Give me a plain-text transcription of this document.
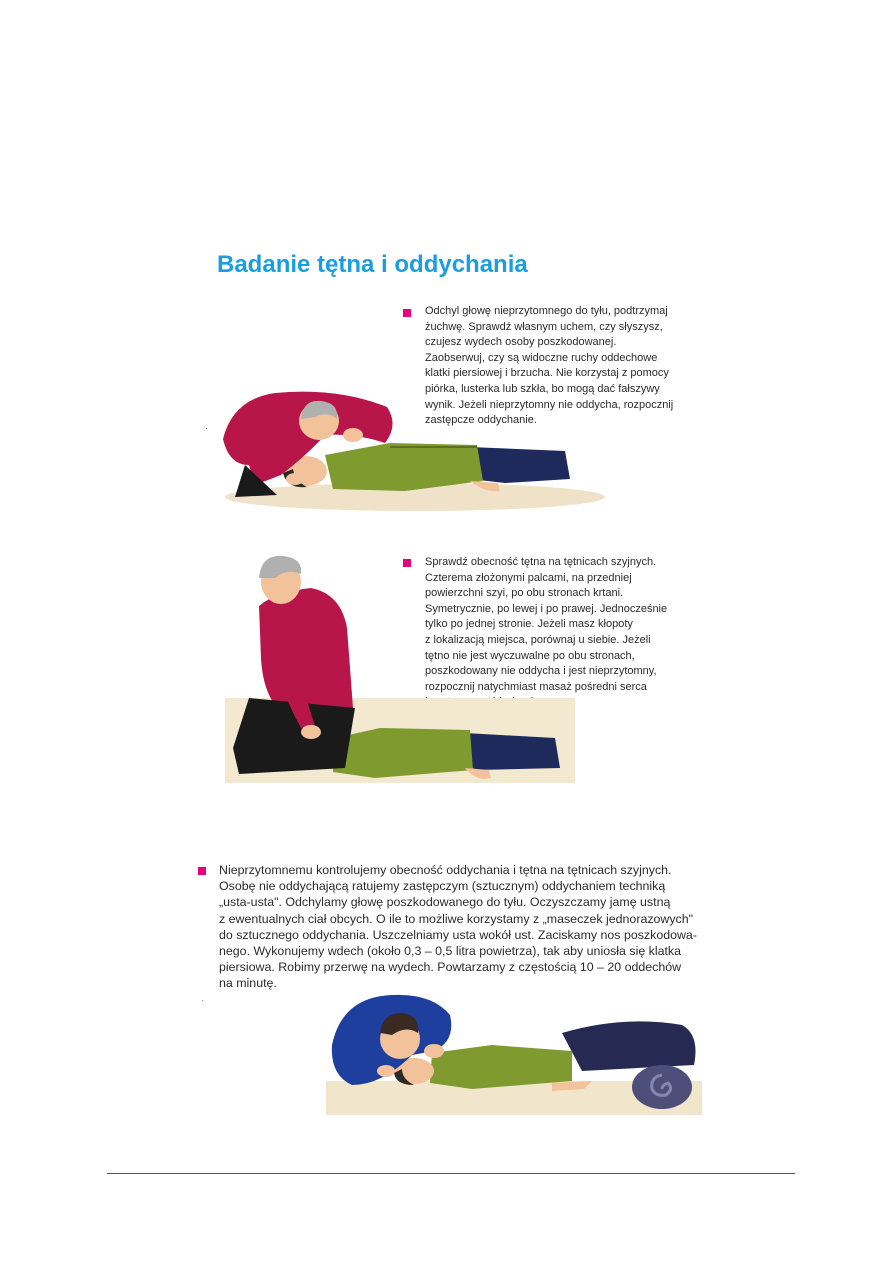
Badanie tętna i oddychania
Odchyl głowę nieprzytomnego do tyłu, podtrzymaj
żuchwę. Sprawdź własnym uchem, czy słyszysz,
czujesz wydech osoby poszkodowanej.
Zaobserwuj, czy są widoczne ruchy oddechowe
klatki piersiowej i brzucha. Nie korzystaj z pomocy
piórka, lusterka lub szkła, bo mogą dać fałszywy
wynik. Jeżeli nieprzytomny nie oddycha, rozpocznij
zastępcze oddychanie.
Sprawdź obecność tętna na tętnicach szyjnych.
Czterema złożonymi palcami, na przedniej
powierzchni szyi, po obu stronach krtani.
Symetrycznie, po lewej i po prawej. Jednocześnie
tylko po jednej stronie. Jeżeli masz kłopoty
z lokalizacją miejsca, porównaj u siebie. Jeżeli
tętno nie jest wyczuwalne po obu stronach,
poszkodowany nie oddycha i jest nieprzytomny,
rozpocznij natychmiast masaż pośredni serca
Nieprzytomnemu kontrolujemy obecność oddychania i tętna na tętnicach szyjnych.
Osobę nie oddychającą ratujemy zastępczym (sztucznym) oddychaniem techniką
„usta-usta". Odchylamy głowę poszkodowanego do tyłu. Oczyszczamy jamę ustną
z ewentualnych ciał obcych. O ile to możliwe korzystamy z „maseczek jednorazowych"
do sztucznego oddychania. Uszczelniamy usta wokół ust. Zaciskamy nos poszkodowa-
nego. Wykonujemy wdech (około 0,3 – 0,5 litra powietrza), tak aby uniosła się klatka
piersiowa. Robimy przerwę na wydech. Powtarzamy z częstością 10 – 20 oddechów
na minutę.
